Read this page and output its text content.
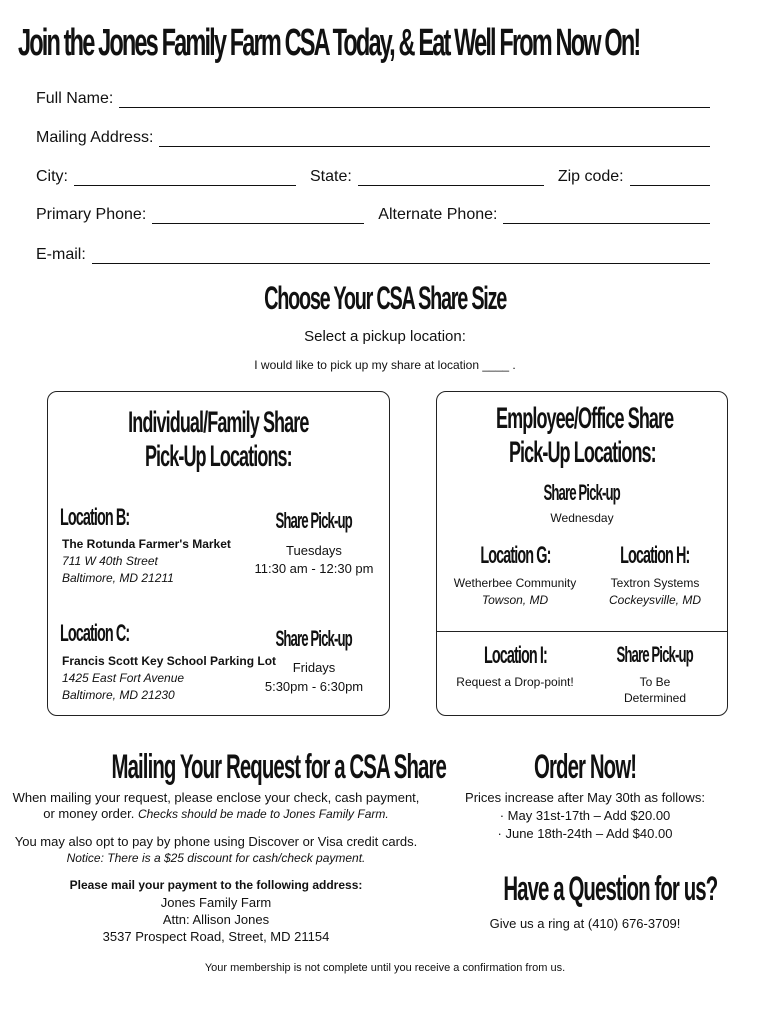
Join the Jones Family Farm CSA Today, & Eat Well From Now On!
Full Name:
Mailing Address:
City:	State:	Zip code:
Primary Phone:	Alternate Phone:
E-mail:
Choose Your CSA Share Size
Select a pickup location:
I would like to pick up my share at location ____ .
Individual/Family Share
Pick-Up Locations:
Location B:
The Rotunda Farmer's Market
711 W 40th Street
Baltimore, MD 21211
Share Pick-up
Tuesdays
11:30 am - 12:30 pm
Location C:
Francis Scott Key School Parking Lot
1425 East Fort Avenue
Baltimore, MD 21230
Share Pick-up
Fridays
5:30pm - 6:30pm
Employee/Office Share
Pick-Up Locations:
Share Pick-up
Wednesday
Location G:
Wetherbee Community
Towson, MD
Location H:
Textron Systems
Cockeysville, MD
Location I:
Request a Drop-point!
Share Pick-up
To Be
Determined
Mailing Your Request for a CSA Share
When mailing your request, please enclose your check, cash payment,
or money order. Checks should be made to Jones Family Farm.
You may also opt to pay by phone using Discover or Visa credit cards.
Notice: There is a $25 discount for cash/check payment.
Please mail your payment to the following address:
Jones Family Farm
Attn: Allison Jones
3537 Prospect Road, Street, MD 21154
Order Now!
Prices increase after May 30th as follows:
· May 31st-17th – Add $20.00
· June 18th-24th – Add $40.00
Have a Question for us?
Give us a ring at (410) 676-3709!
Your membership is not complete until you receive a confirmation from us.
